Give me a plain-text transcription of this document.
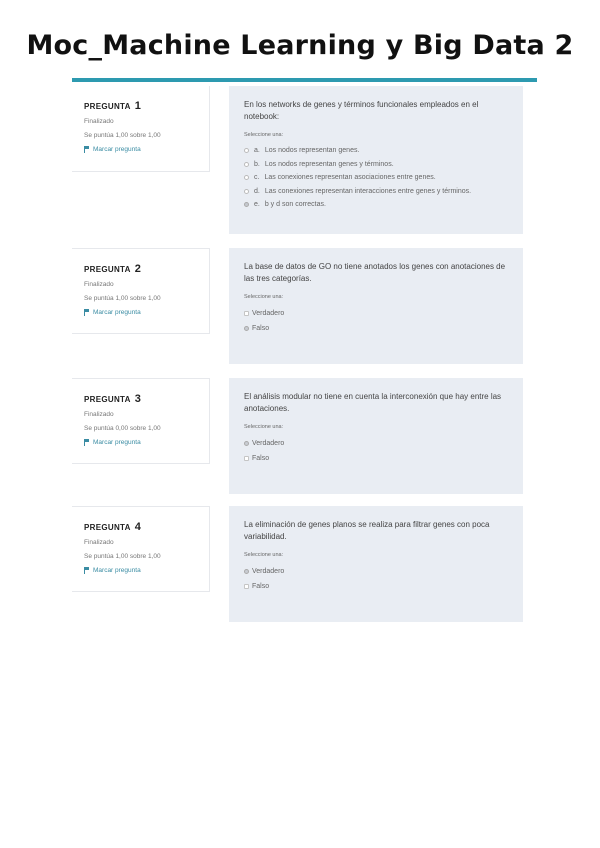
Moc_Machine Learning y Big Data 2
PREGUNTA 1
Finalizado
Se puntúa 1,00 sobre 1,00
Marcar pregunta
En los networks de genes y términos funcionales empleados en el notebook:
Seleccione una:
a. Los nodos representan genes.
b. Los nodos representan genes y términos.
c. Las conexiones representan asociaciones entre genes.
d. Las conexiones representan interacciones entre genes y términos.
e. b y d son correctas.
PREGUNTA 2
Finalizado
Se puntúa 1,00 sobre 1,00
Marcar pregunta
La base de datos de GO no tiene anotados los genes con anotaciones de las tres categorías.
Seleccione una:
Verdadero
Falso
PREGUNTA 3
Finalizado
Se puntúa 0,00 sobre 1,00
Marcar pregunta
El análisis modular no tiene en cuenta la interconexión que hay entre las anotaciones.
Seleccione una:
Verdadero
Falso
PREGUNTA 4
Finalizado
Se puntúa 1,00 sobre 1,00
Marcar pregunta
La eliminación de genes planos se realiza para filtrar genes con poca variabilidad.
Seleccione una:
Verdadero
Falso
